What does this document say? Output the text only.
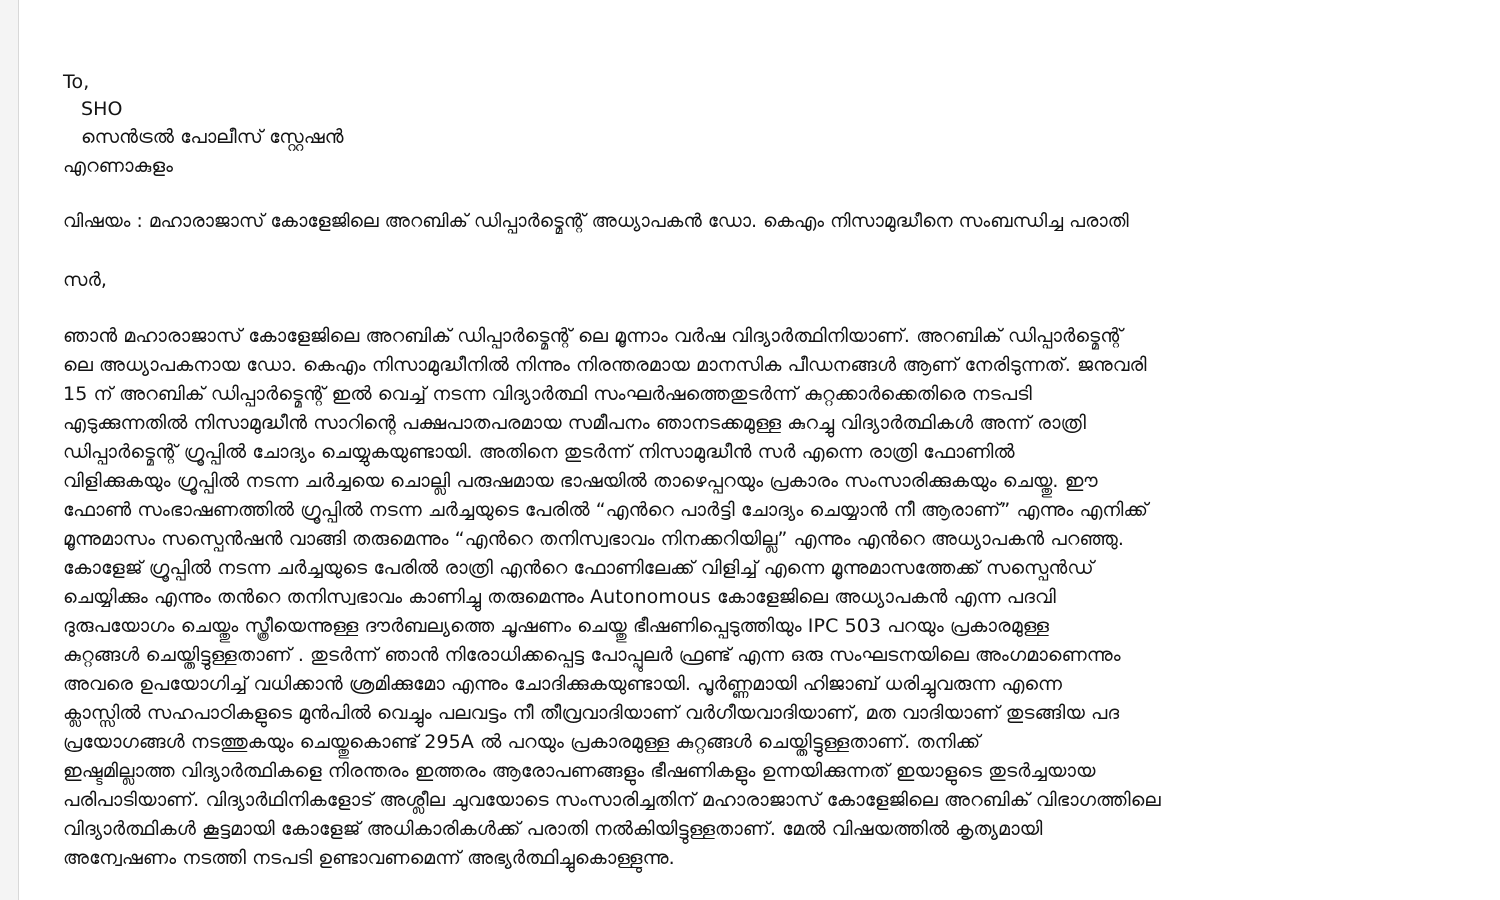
To,
SHO
സെൻട്രൽ പോലീസ് സ്റ്റേഷൻ
എറണാകുളം
വിഷയം : മഹാരാജാസ് കോളേജിലെ അറബിക് ഡിപ്പാർട്മെന്റ് അധ്യാപകൻ ഡോ. കെഎം നിസാമുദ്ധീനെ സംബന്ധിച്ച പരാതി
സർ,
ഞാൻ മഹാരാജാസ് കോളേജിലെ അറബിക് ഡിപ്പാർട്മെന്റ് ലെ മൂന്നാം വർഷ വിദ്യാർത്ഥിനിയാണ്. അറബിക് ഡിപ്പാർട്മെന്റ്
ലെ അധ്യാപകനായ ഡോ. കെഎം നിസാമുദ്ധീനിൽ നിന്നും നിരന്തരമായ മാനസിക പീഡനങ്ങൾ ആണ് നേരിടുന്നത്. ജനുവരി
15 ന് അറബിക് ഡിപ്പാർട്മെന്റ് ഇൽ വെച്ച് നടന്ന വിദ്യാർത്ഥി സംഘർഷത്തെതുടർന്ന് കുറ്റക്കാർക്കെതിരെ നടപടി
എടുക്കുന്നതിൽ നിസാമുദ്ധീൻ സാറിന്റെ പക്ഷപാതപരമായ സമീപനം ഞാനടക്കമുള്ള കുറച്ചു വിദ്യാർത്ഥികൾ അന്ന് രാത്രി
ഡിപ്പാർട്മെന്റ് ഗ്രൂപ്പിൽ ചോദ്യം ചെയ്യുകയുണ്ടായി. അതിനെ തുടർന്ന് നിസാമുദ്ധീൻ സർ എന്നെ രാത്രി ഫോണിൽ
വിളിക്കുകയും ഗ്രൂപ്പിൽ നടന്ന ചർച്ചയെ ചൊല്ലി പരുഷമായ ഭാഷയിൽ താഴെപ്പറയും പ്രകാരം സംസാരിക്കുകയും ചെയ്തു. ഈ
ഫോൺ സംഭാഷണത്തിൽ ഗ്രൂപ്പിൽ നടന്ന ചർച്ചയുടെ പേരിൽ “എൻറെ പാർട്ടി ചോദ്യം ചെയ്യാൻ നീ ആരാണ്” എന്നും എനിക്ക്
മൂന്നുമാസം സസ്പെൻഷൻ വാങ്ങി തരുമെന്നും “എൻറെ തനിസ്വഭാവം നിനക്കറിയില്ല” എന്നും എൻറെ അധ്യാപകൻ പറഞ്ഞു.
കോളേജ് ഗ്രൂപ്പിൽ നടന്ന ചർച്ചയുടെ പേരിൽ രാത്രി എൻറെ ഫോണിലേക്ക് വിളിച്ച് എന്നെ മൂന്നുമാസത്തേക്ക് സസ്പെൻഡ്
ചെയ്യിക്കും എന്നും തൻറെ തനിസ്വഭാവം കാണിച്ചു തരുമെന്നും Autonomous കോളേജിലെ അധ്യാപകൻ എന്ന പദവി
ദുരുപയോഗം ചെയ്തും സ്ത്രീയെന്നുള്ള ദൗർബല്യത്തെ ചൂഷണം ചെയ്തു ഭീഷണിപ്പെടുത്തിയും IPC 503 പറയും പ്രകാരമുള്ള
കുറ്റങ്ങൾ ചെയ്തിട്ടുള്ളതാണ് . തുടർന്ന് ഞാൻ നിരോധിക്കപ്പെട്ട പോപ്പുലർ ഫ്രണ്ട് എന്ന ഒരു സംഘടനയിലെ അംഗമാണെന്നും
അവരെ ഉപയോഗിച്ച് വധിക്കാൻ ശ്രമിക്കുമോ എന്നും ചോദിക്കുകയുണ്ടായി. പൂർണ്ണമായി ഹിജാബ് ധരിച്ചുവരുന്ന എന്നെ
ക്ലാസ്സിൽ സഹപാഠികളുടെ മുൻപിൽ വെച്ചും പലവട്ടം നീ തീവ്രവാദിയാണ് വർഗീയവാദിയാണ്, മത വാദിയാണ് തുടങ്ങിയ പദ
പ്രയോഗങ്ങൾ നടത്തുകയും ചെയ്തുകൊണ്ട് 295A ൽ പറയും പ്രകാരമുള്ള കുറ്റങ്ങൾ ചെയ്തിട്ടുള്ളതാണ്. തനിക്ക്
ഇഷ്ടമില്ലാത്ത വിദ്യാർത്ഥികളെ നിരന്തരം ഇത്തരം ആരോപണങ്ങളും ഭീഷണികളും ഉന്നയിക്കുന്നത് ഇയാളുടെ തുടർച്ചയായ
പരിപാടിയാണ്. വിദ്യാർഥിനികളോട് അശ്ലീല ചുവയോടെ സംസാരിച്ചതിന് മഹാരാജാസ് കോളേജിലെ അറബിക് വിഭാഗത്തിലെ
വിദ്യാർത്ഥികൾ കൂട്ടമായി കോളേജ് അധികാരികൾക്ക് പരാതി നൽകിയിട്ടുള്ളതാണ്. മേൽ വിഷയത്തിൽ കൃത്യമായി
അന്വേഷണം നടത്തി നടപടി ഉണ്ടാവണമെന്ന് അഭ്യർത്ഥിച്ചുകൊള്ളുന്നു.
